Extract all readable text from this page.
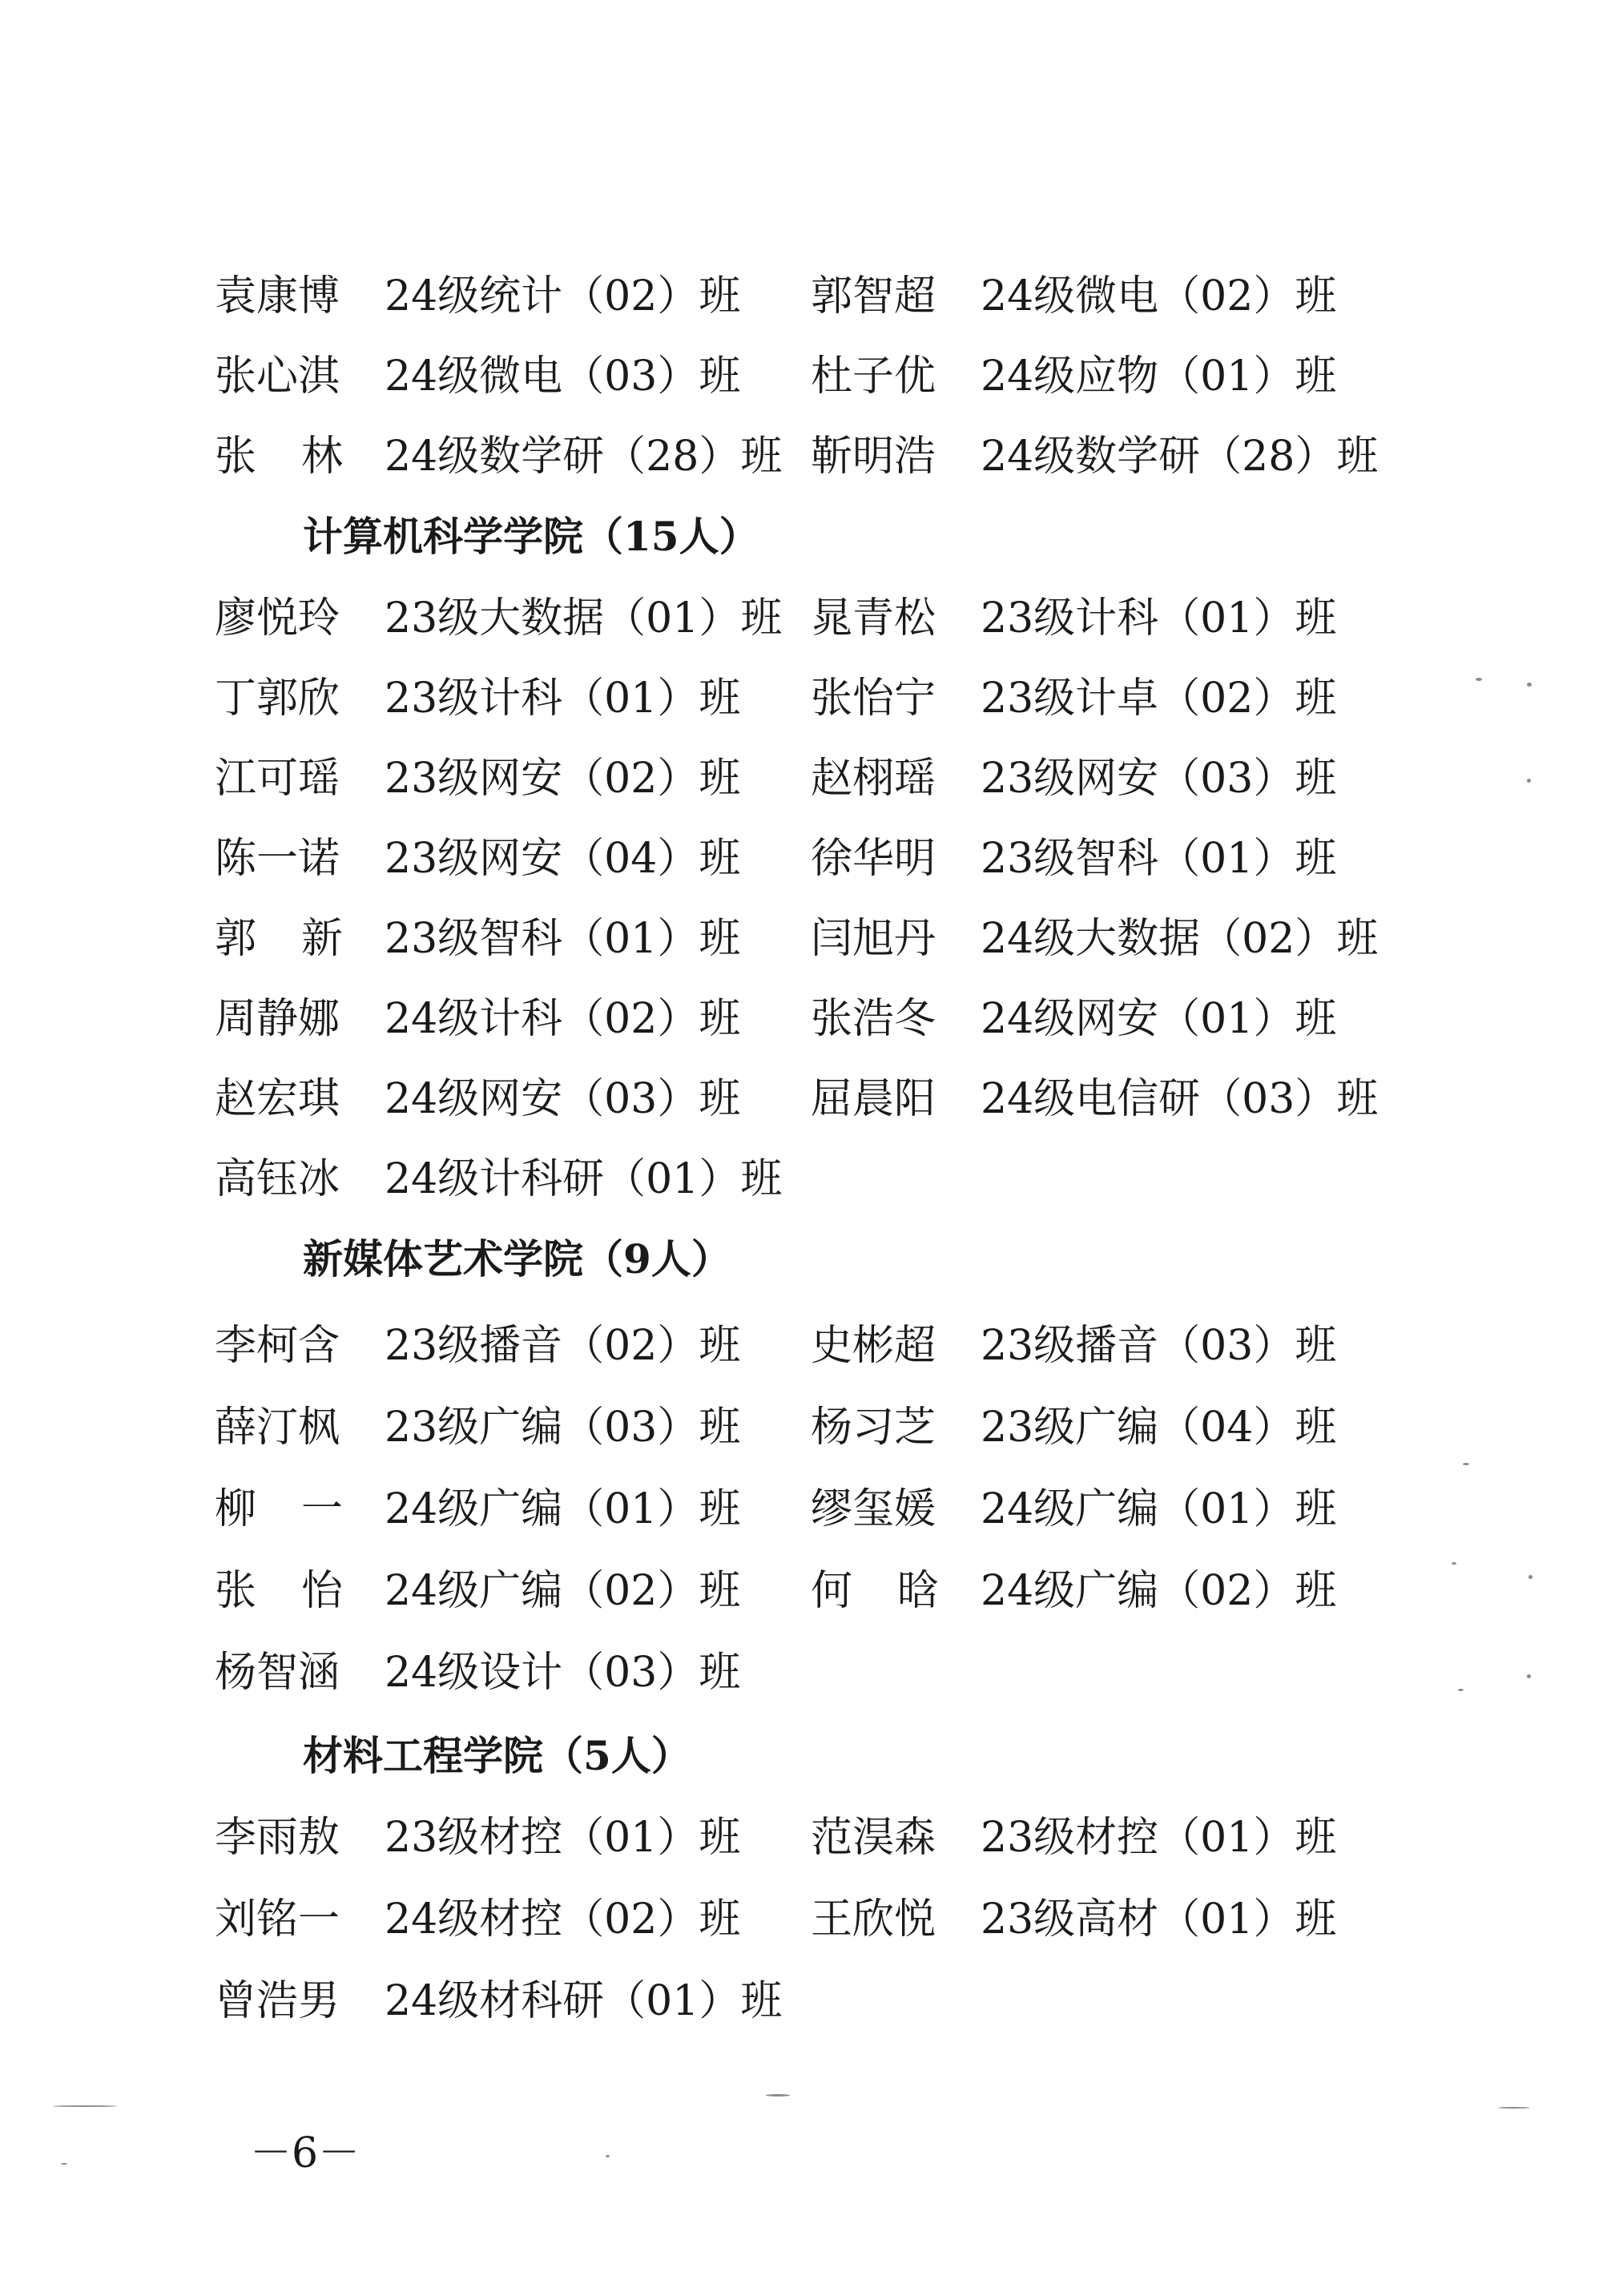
袁康博 24级统计（02）班 郭智超 24级微电（02）班
张心淇 24级微电（03）班 杜子优 24级应物（01）班
张林
24级数学研（28）班 靳明浩 24级数学研（28）班
计算机科学学院（15人）
廖悦玲 23级大数据（01）班 晁青松 23级计科（01）班
丁郭欣 23级计科（01）班 张怡宁 23级计卓（02）班
江可瑶 23级网安（02）班 赵栩瑶 23级网安（03）班
陈一诺 23级网安（04）班 徐华明 23级智科（01）班
郭新
23级智科（01）班 闫旭丹 24级大数据（02）班
周静娜 24级计科（02）班 张浩冬 24级网安（01）班
赵宏琪 24级网安（03）班 屈晨阳 24级电信研（03）班
高钰冰 24级计科研（01）班
新媒体艺术学院（9人）
李柯含 23级播音（02）班 史彬超 23级播音（03）班
薛汀枫 23级广编（03）班 杨习芝 23级广编（04）班
柳一
24级广编（01）班 缪玺媛 24级广编（01）班
张怡
24级广编（02）班 何晗
24级广编（02）班
杨智涵 24级设计（03）班
材料工程学院（5人）
李雨敖 23级材控（01）班 范淏森 23级材控（01）班
刘铭一 24级材控（02）班 王欣悦 23级高材（01）班
曾浩男 24级材科研（01）班
－6－
